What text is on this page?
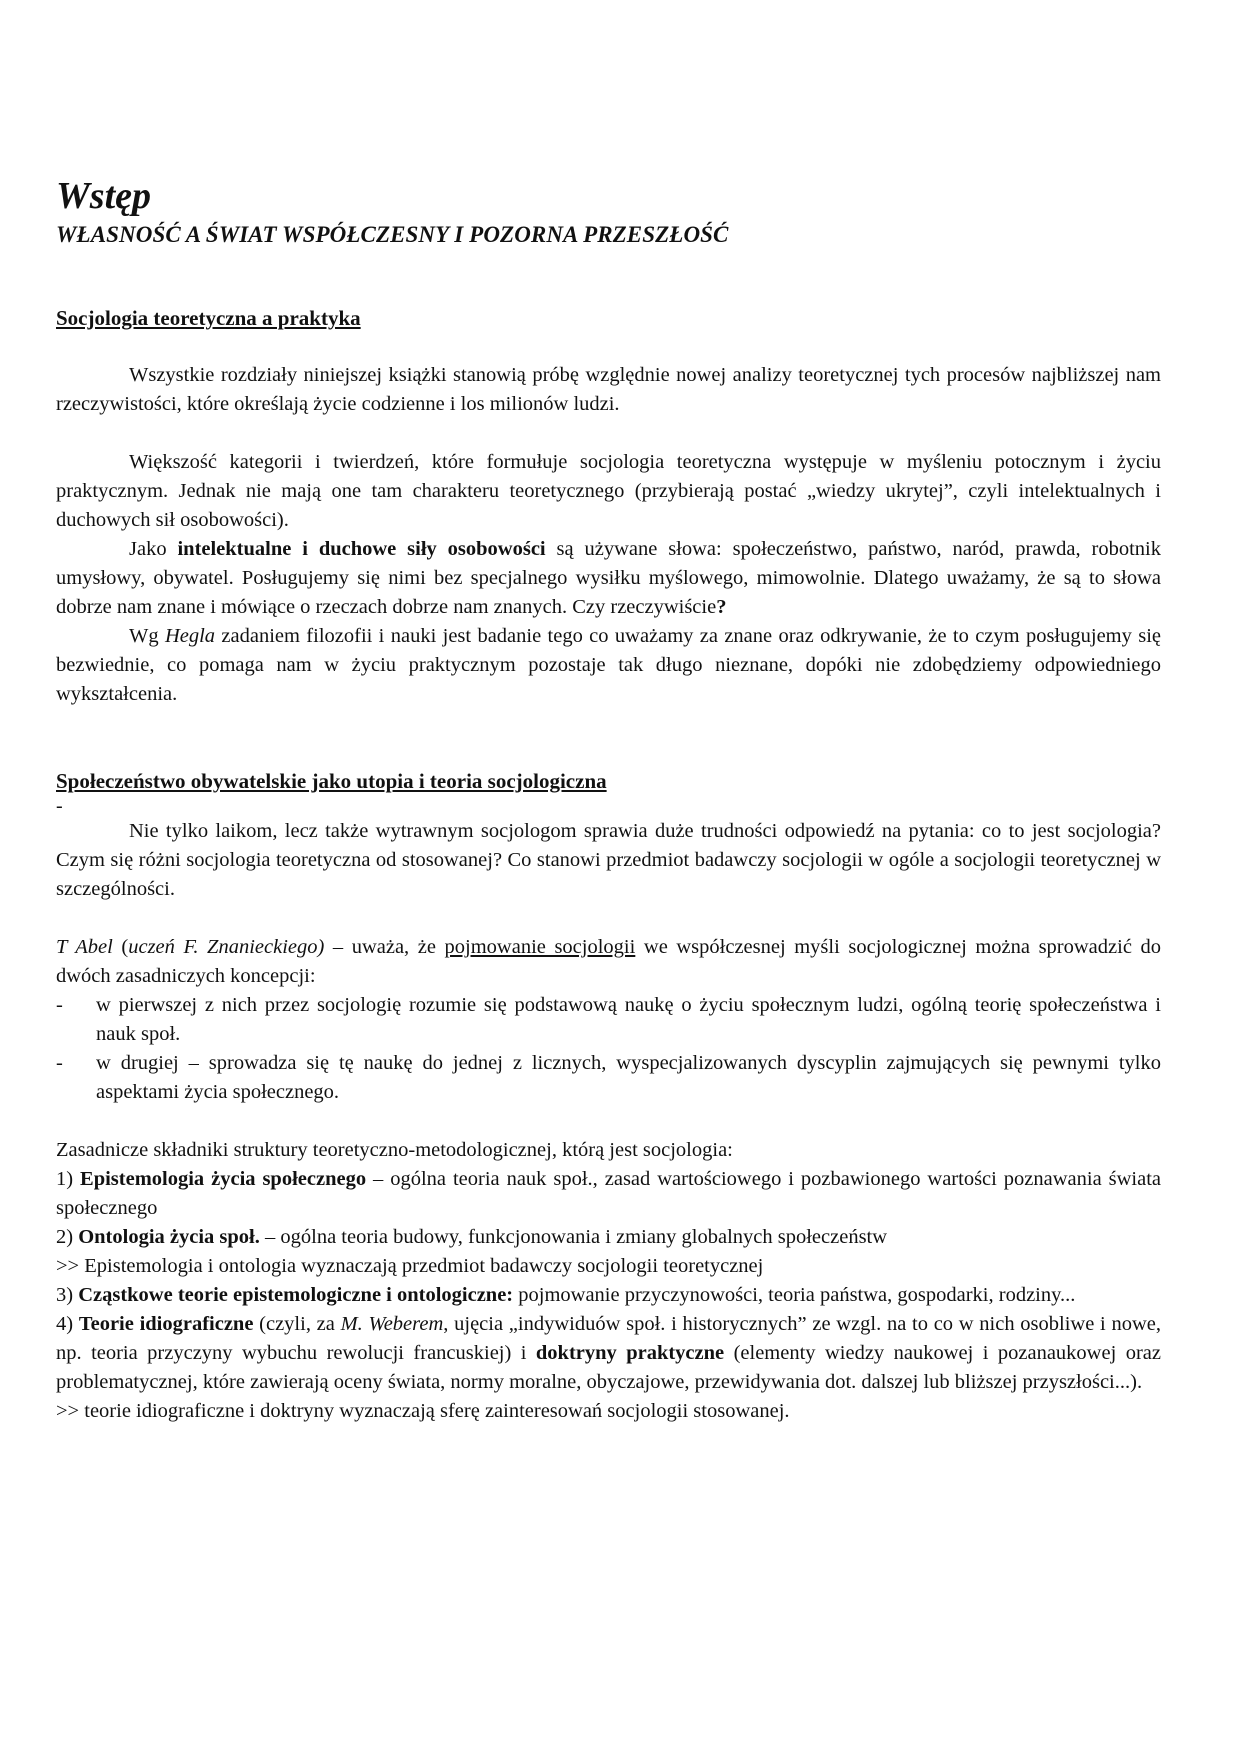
Wstęp
WŁASNOŚĆ A ŚWIAT WSPÓŁCZESNY I POZORNA PRZESZŁOŚĆ
Socjologia teoretyczna a praktyka

Wszystkie rozdziały niniejszej książki stanowią próbę względnie nowej analizy teoretycznej tych procesów najbliższej nam rzeczywistości, które określają życie codzienne i los milionów ludzi.

Większość kategorii i twierdzeń, które formułuje socjologia teoretyczna występuje w myśleniu potocznym i życiu praktycznym. Jednak nie mają one tam charakteru teoretycznego (przybierają postać „wiedzy ukrytej”, czyli intelektualnych i duchowych sił osobowości).

Jako intelektualne i duchowe siły osobowości są używane słowa: społeczeństwo, państwo, naród, prawda, robotnik umysłowy, obywatel. Posługujemy się nimi bez specjalnego wysiłku myślowego, mimowolnie. Dlatego uważamy, że są to słowa dobrze nam znane i mówiące o rzeczach dobrze nam znanych. Czy rzeczywiście?

Wg Hegla zadaniem filozofii i nauki jest badanie tego co uważamy za znane oraz odkrywanie, że to czym posługujemy się bezwiednie, co pomaga nam w życiu praktycznym pozostaje tak długo nieznane, dopóki nie zdobędziemy odpowiedniego wykształcenia.

Społeczeństwo obywatelskie jako utopia i teoria socjologiczna

-

Nie tylko laikom, lecz także wytrawnym socjologom sprawia duże trudności odpowiedź na pytania: co to jest socjologia? Czym się różni socjologia teoretyczna od stosowanej? Co stanowi przedmiot badawczy socjologii w ogóle a socjologii teoretycznej w szczególności.

T Abel (uczeń F. Znanieckiego) – uważa, że pojmowanie socjologii we współczesnej myśli socjologicznej można sprowadzić do dwóch zasadniczych koncepcji:

-	w pierwszej z nich przez socjologię rozumie się podstawową naukę o życiu społecznym ludzi, ogólną teorię społeczeństwa i nauk społ.
-	w drugiej – sprowadza się tę naukę do jednej z licznych, wyspecjalizowanych dyscyplin zajmujących się pewnymi tylko aspektami życia społecznego.

Zasadnicze składniki struktury teoretyczno-metodologicznej, którą jest socjologia:

1) Epistemologia życia społecznego – ogólna teoria nauk społ., zasad wartościowego i pozbawionego wartości poznawania świata społecznego

2) Ontologia życia społ. – ogólna teoria budowy, funkcjonowania i zmiany globalnych społeczeństw

>> Epistemologia i ontologia wyznaczają przedmiot badawczy socjologii teoretycznej

3) Cząstkowe teorie epistemologiczne i ontologiczne: pojmowanie przyczynowości, teoria państwa, gospodarki, rodziny...

4) Teorie idiograficzne (czyli, za M. Weberem, ujęcia „indywiduów społ. i historycznych” ze wzgl. na to co w nich osobliwe i nowe, np. teoria przyczyny wybuchu rewolucji francuskiej) i doktryny praktyczne (elementy wiedzy naukowej i pozanaukowej oraz problematycznej, które zawierają oceny świata, normy moralne, obyczajowe, przewidywania dot. dalszej lub bliższej przyszłości...).

>> teorie idiograficzne i doktryny wyznaczają sferę zainteresowań socjologii stosowanej.
